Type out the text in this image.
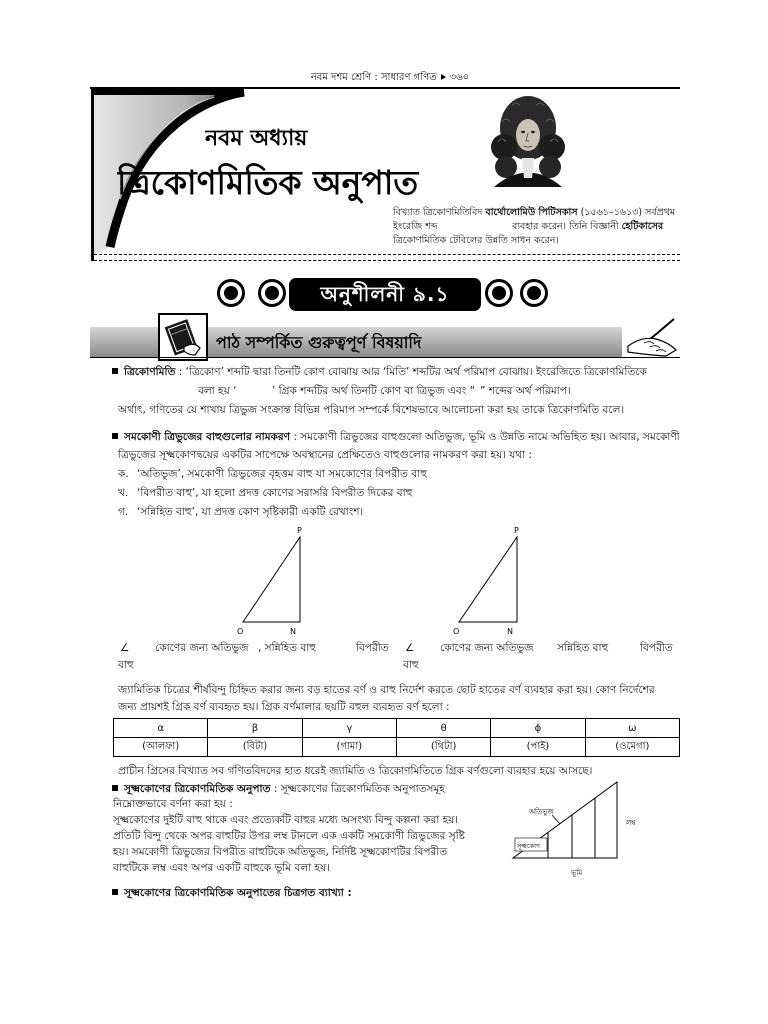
নবম দশম শ্রেণি : সাধারণ গণিত ৩৬০
নবম অধ্যায়
ত্রিকোণমিতিক অনুপাত
বিখ্যাত ত্রিকোণমিতিবিদ বার্থোলোমিউ পিটিসকাস (১৫৬১–১৬১৩) সর্বপ্রথম
ইংরেজি শব্দ	ব্যবহার করেন। তিনি বিজ্ঞানী হেটিকাসের
ত্রিকোণমিতিক টেবিলের উন্নতি সাধন করেন।
অনুশীলনী ৯.১
পাঠ সম্পর্কিত গুরুত্বপূর্ণ বিষয়াদি
ত্রিকোণমিতি : ‘ত্রিকোণ’ শব্দটি দ্বারা তিনটি কোণ বোঝায় আর ‘মিতি’ শব্দটির অর্থ পরিমাপ বোঝায়। ইংরেজিতে ত্রিকোণমিতিকে
বলা হয় ‘	’ গ্রিক শব্দটির অর্থ তিনটি কোণ বা ত্রিভুজ এবং “ ” শব্দের অর্থ পরিমাপ।
অর্থাৎ, গণিতের যে শাখায় ত্রিভুজ সংক্রান্ত বিভিন্ন পরিমাপ সম্পর্কে বিশেষভাবে আলোচনা করা হয় তাকে ত্রিকোণমিতি বলে।
সমকোণী ত্রিভুজের বাহুগুলোর নামকরণ : সমকোণী ত্রিভুজের বাহুগুলো অতিভুজ, ভূমি ও উন্নতি নামে অভিহিত হয়। আবার, সমকোণী
ত্রিভুজের সূক্ষ্মকোণদ্বয়ের একটির সাপেক্ষে অবস্থানের প্রেক্ষিতেও বাহুগুলোর নামকরণ করা হয়। যথা :
ক. ‘অতিভুজ’, সমকোণী ত্রিভুজের বৃহত্তম বাহু যা সমকোণের বিপরীত বাহু
খ. ‘বিপরীত বাহু’, যা হলো প্রদত্ত কোণের সরাসরি বিপরীত দিকের বাহু
গ. ‘সন্নিহিত বাহু’, যা প্রদত্ত কোণ সৃষ্টিকারী একটি রেখাংশ।
P
O	N
P
O	N
∠	কোণের জন্য অতিভুজ , সন্নিহিত বাহু	বিপরীত
বাহু
∠	কোণের জন্য অতিভুজ	সন্নিহিত বাহু	বিপরীত
বাহু
জ্যামিতিক চিত্রের শীর্ষবিন্দু চিহ্নিত করার জন্য বড় হাতের বর্ণ ও বাহু নির্দেশ করতে ছোট হাতের বর্ণ ব্যবহার করা হয়। কোণ নির্দেশের
জন্য প্রায়শই গ্রিক বর্ণ ব্যবহৃত হয়। গ্রিক বর্ণমালার ছয়টি বহুল ব্যবহৃত বর্ণ হলো :
α	β	γ	θ	ϕ	ω
(আলফা)	(বিটা)	(গামা)	(থিটা)	(পাই)	(ওমেগা)
প্রাচীন গ্রিসের বিখ্যাত সব গণিতবিদদের হাত ধরেই জ্যামিতি ও ত্রিকোণমিতিতে গ্রিক বর্ণগুলো ব্যবহার হয়ে আসছে।
সূক্ষ্মকোণের ত্রিকোণমিতিক অনুপাত : সূক্ষ্মকোণের ত্রিকোণমিতিক অনুপাতসমূহ
নিম্নোক্তভাবে বর্ণনা করা হয় :
সূক্ষ্মকোণের দুইটি বাহু থাকে এবং প্রত্যেকটি বাহুর মধ্যে অসংখ্য বিন্দু কল্পনা করা হয়।
প্রতিটি বিন্দু থেকে অপর বাহুটির উপর লম্ব টানলে এক একটি সমকোণী ত্রিভুজের সৃষ্টি
হয়। সমকোণী ত্রিভুজের বিপরীত বাহুটিকে অতিভুজ, নির্দিষ্ট সূক্ষ্মকোণটির বিপরীত
বাহুটিকে লম্ব এবং অপর একটি বাহুকে ভূমি বলা হয়।
অতিভুজ
লম্ব
সূক্ষ্মকোণ
ভূমি
সূক্ষ্মকোণের ত্রিকোণমিতিক অনুপাতের চিত্রগত ব্যাখ্যা :
